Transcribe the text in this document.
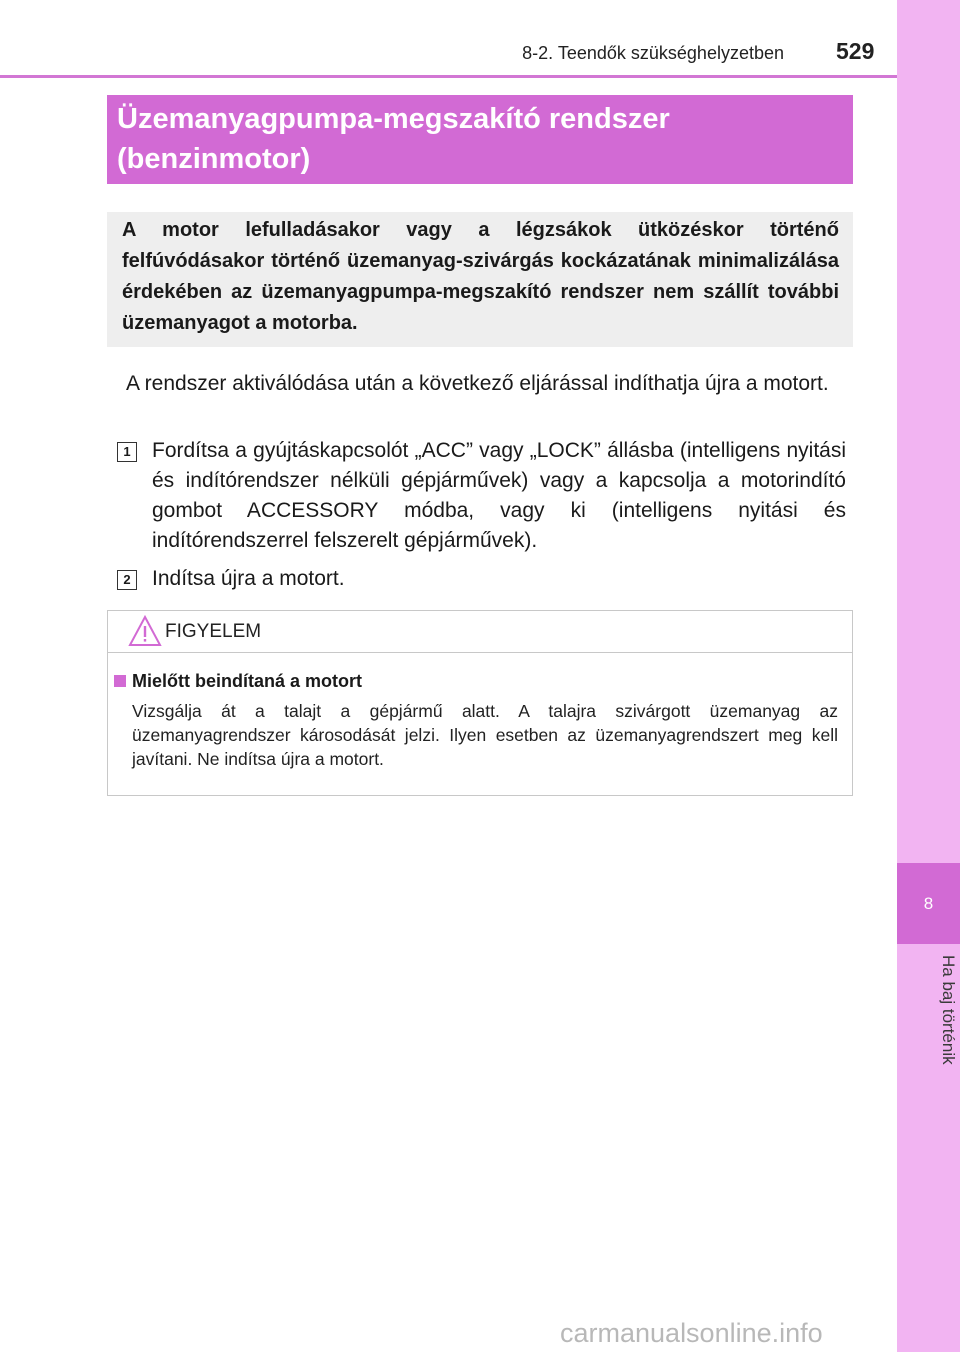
8
Ha baj történik
8-2. Teendők szükséghelyzetben 529
Üzemanyagpumpa-megszakító rendszer (benzinmotor)
A motor lefulladásakor vagy a légzsákok ütközéskor történő felfúvódásakor történő üzemanyag-szivárgás kockázatának minimalizálása érdekében az üzemanyagpumpa-megszakító rendszer nem szállít további üzemanyagot a motorba.
A rendszer aktiválódása után a következő eljárással indíthatja újra a motort.
1	Fordítsa a gyújtáskapcsolót „ACC” vagy „LOCK” állásba (intelligens nyitási és indítórendszer nélküli gépjárművek) vagy a kapcsolja a motorindító gombot ACCESSORY módba, vagy ki (intelligens nyitási és indítórendszerrel felszerelt gépjárművek).
2	Indítsa újra a motort.
FIGYELEM
Mielőtt beindítaná a motort
Vizsgálja át a talajt a gépjármű alatt. A talajra szivárgott üzemanyag az üzemanyagrendszer károsodását jelzi. Ilyen esetben az üzemanyagrendszert meg kell javítani. Ne indítsa újra a motort.
carmanualsonline.info
